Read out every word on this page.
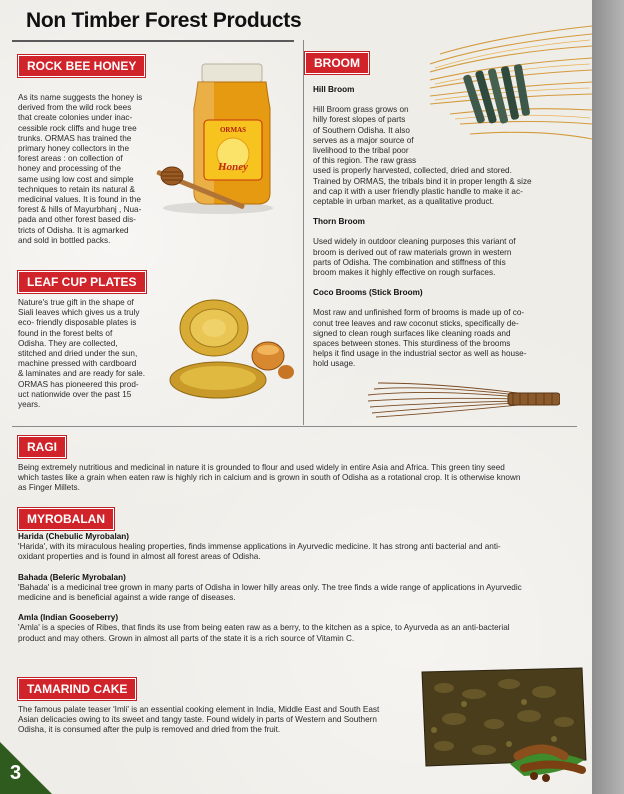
Non Timber Forest Products
ROCK BEE HONEY
As its name suggests the honey is
derived from the wild rock bees
that create colonies under inac-
cessible rock cliffs and huge tree
trunks. ORMAS has trained the
primary honey collectors in the
forest areas : on collection of
honey and processing of the
same using low cost and simple
techniques to retain its natural &
medicinal values. It is found in the
forest & hills of Mayurbhanj , Nua-
pada and other forest based dis-
tricts of Odisha. It is agmarked
and sold in bottled packs.
ORMAS
Honey
LEAF CUP PLATES
Nature's true gift in the shape of
Siali leaves which gives us a truly
eco- friendly disposable plates is
found in the forest belts of
Odisha. They are collected,
stitched and dried under the sun,
machine pressed with cardboard
& laminates and are ready for sale.
ORMAS has pioneered this prod-
uct nationwide over the past 15
years.
BROOM
Hill Broom
Hill Broom grass grows on
hilly forest slopes of parts
of Southern Odisha. It also
serves as a major source of
livelihood to the tribal poor
of this region. The raw grass
used is properly harvested, collected, dried and stored.
Trained by ORMAS, the tribals bind it in proper length & size
and cap it with a user friendly plastic handle to make it ac-
ceptable in urban market, as a qualitative product.
Thorn Broom
Used widely in outdoor cleaning purposes this variant of
broom is derived out of raw materials grown in western
parts of Odisha. The combination and stiffness of this
broom makes it highly effective on rough surfaces.
Coco Brooms (Stick Broom)
Most raw and unfinished form of brooms is made up of co-
conut tree leaves and raw coconut sticks, specifically de-
signed to clean rough surfaces like cleaning roads and
spaces between stones. This sturdiness of the brooms
helps it find usage in the industrial sector as well as house-
hold usage.
RAGI
Being extremely nutritious and medicinal in nature it is grounded to flour and used widely in entire Asia and Africa. This green tiny seed
which tastes like a grain when eaten raw is highly rich in calcium and is grown in south of Odisha as a rotational crop. It is otherwise known
as Finger Millets.
MYROBALAN
Harida (Chebulic Myrobalan)
'Harida', with its miraculous healing properties, finds immense applications in Ayurvedic medicine. It has strong anti bacterial and anti-
oxidant properties and is found in almost all forest areas of Odisha.
Bahada (Beleric Myrobalan)
'Bahada' is a medicinal tree grown in many parts of Odisha in lower hilly areas only. The tree finds a wide range of applications in Ayurvedic
medicine and is beneficial against a wide range of diseases.
Amla (Indian Gooseberry)
'Amla' is a species of Ribes, that finds its use from being eaten raw as a berry, to the kitchen as a spice, to Ayurveda as an anti-bacterial
product and may others. Grown in almost all parts of the state it is a rich source of Vitamin C.
TAMARIND CAKE
The famous palate teaser 'Imli' is an essential cooking element in India, Middle East and South East
Asian delicacies owing to its sweet and tangy taste. Found widely in parts of Western and Southern
Odisha, it is consumed after the pulp is removed and dried from the fruit.
3
